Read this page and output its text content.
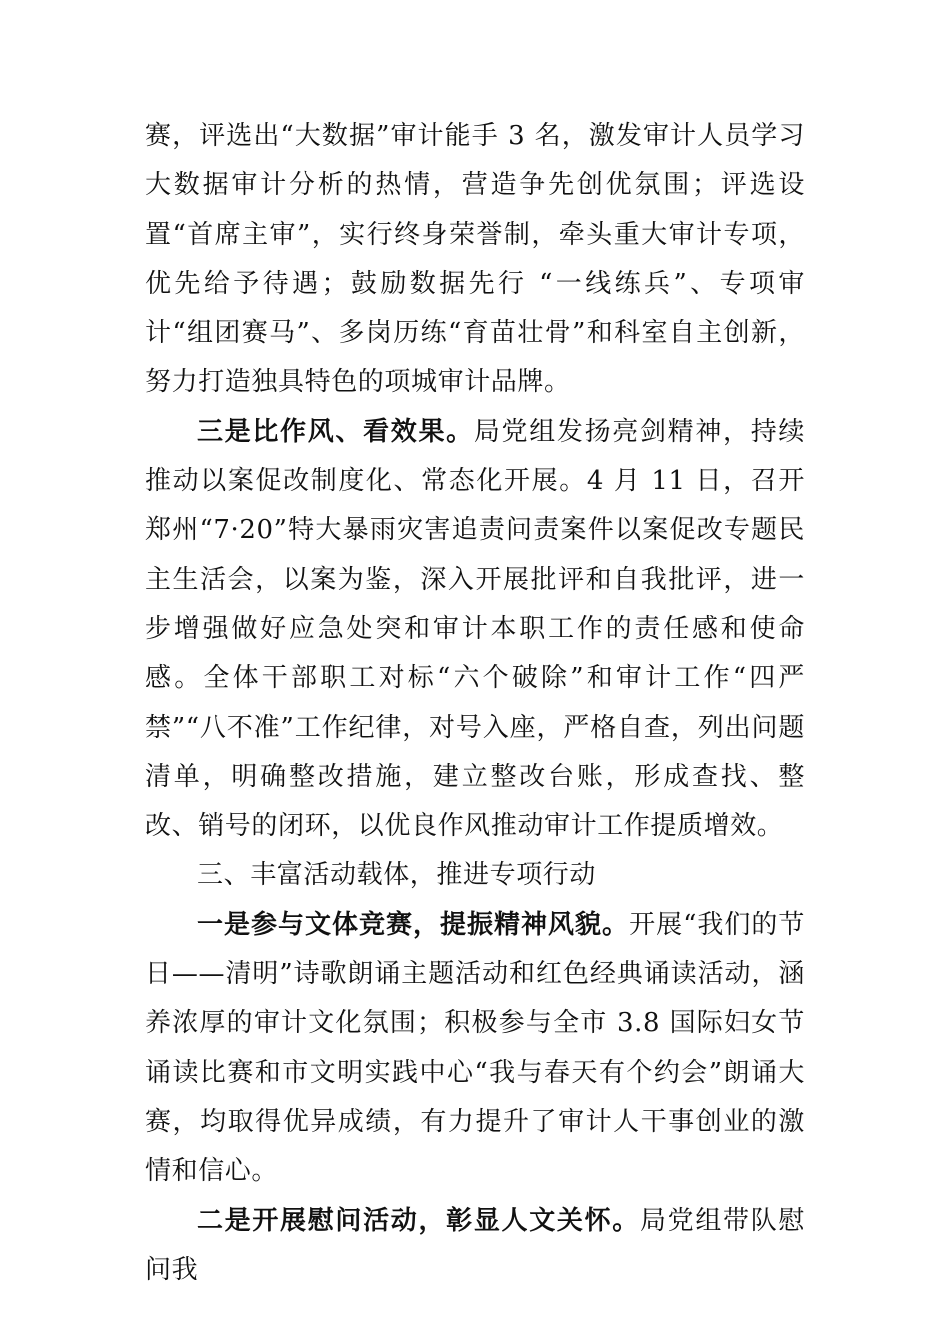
赛，评选出“大数据”审计能手 3 名，激发审计人员学习大数据审计分析的热情，营造争先创优氛围；评选设置“首席主审”，实行终身荣誉制，牵头重大审计专项，优先给予待遇；鼓励数据先行 “一线练兵”、专项审计“组团赛马”、多岗历练“育苗壮骨”和科室自主创新，努力打造独具特色的项城审计品牌。

三是比作风、看效果。局党组发扬亮剑精神，持续推动以案促改制度化、常态化开展。4 月 11 日，召开郑州“7·20”特大暴雨灾害追责问责案件以案促改专题民主生活会，以案为鉴，深入开展批评和自我批评，进一步增强做好应急处突和审计本职工作的责任感和使命感。全体干部职工对标“六个破除”和审计工作“四严禁”“八不准”工作纪律，对号入座，严格自查，列出问题清单，明确整改措施，建立整改台账，形成查找、整改、销号的闭环，以优良作风推动审计工作提质增效。

三、丰富活动载体，推进专项行动

一是参与文体竞赛，提振精神风貌。开展“我们的节日——清明”诗歌朗诵主题活动和红色经典诵读活动，涵养浓厚的审计文化氛围；积极参与全市 3.8 国际妇女节诵读比赛和市文明实践中心“我与春天有个约会”朗诵大赛，均取得优异成绩，有力提升了审计人干事创业的激情和信心。

二是开展慰问活动，彰显人文关怀。局党组带队慰问我
